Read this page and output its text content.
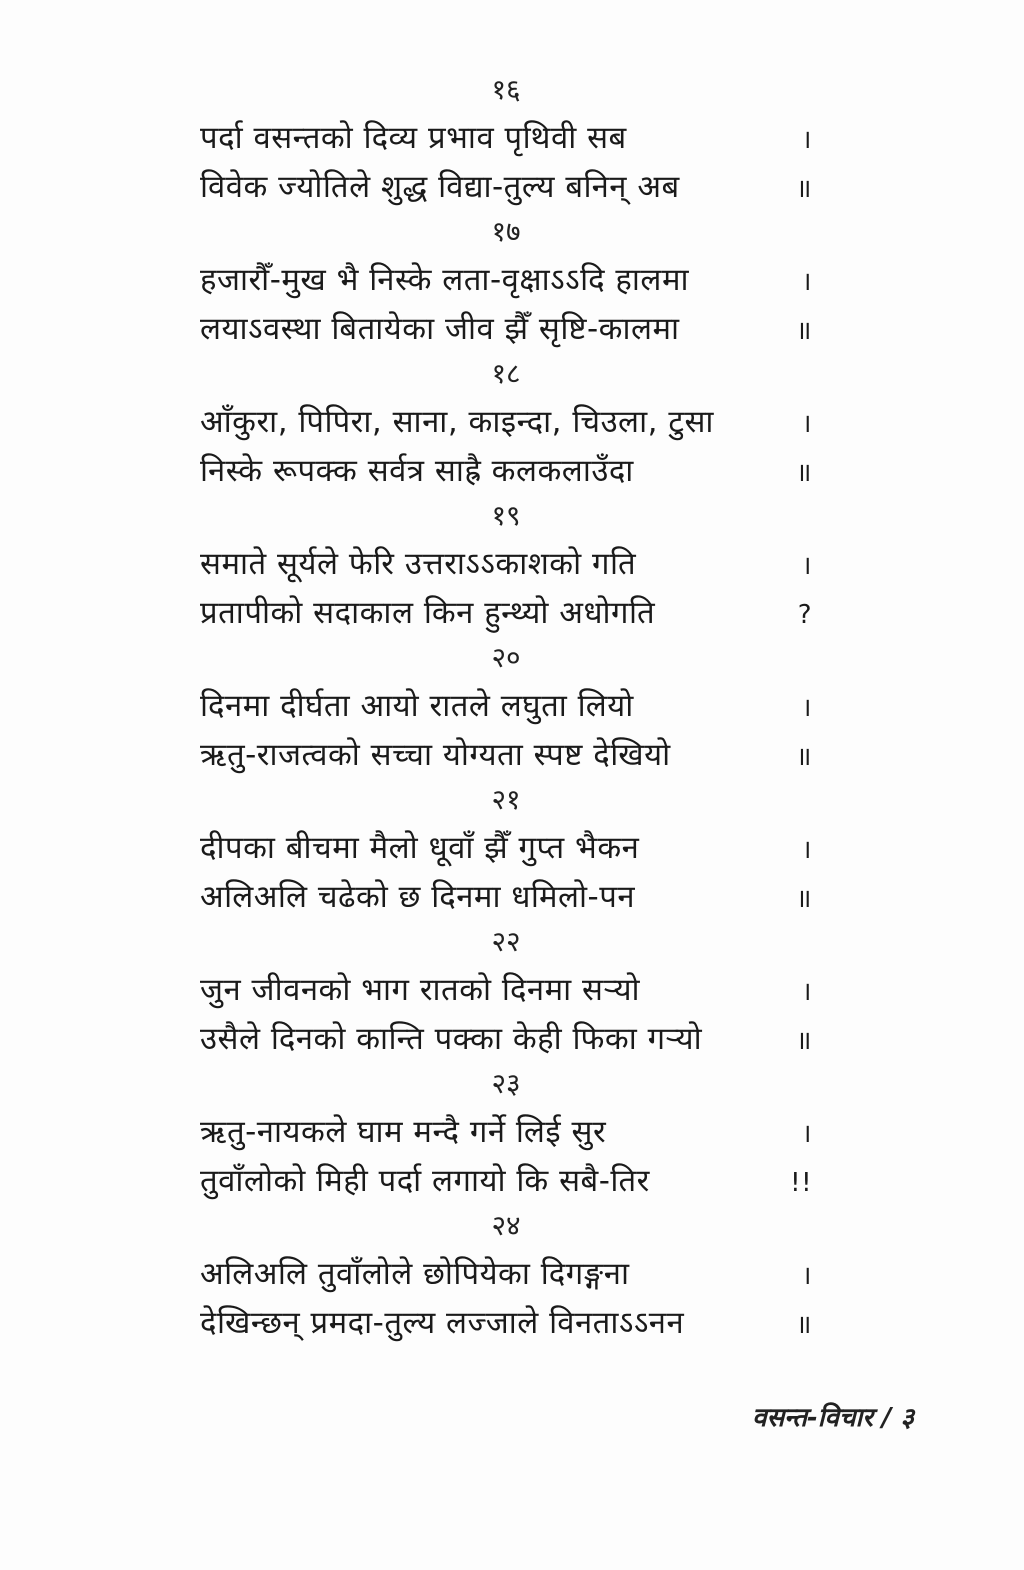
१६
पर्दा वसन्तको दिव्य प्रभाव पृथिवी सब	।
विवेक ज्योतिले शुद्ध विद्या-तुल्य बनिन् अब	॥
१७
हजारौँ-मुख भै निस्के लता-वृक्षाऽऽदि हालमा	।
लयाऽवस्था बितायेका जीव झैँ सृष्टि-कालमा	॥
१८
आँकुरा, पिपिरा, साना, काइन्दा, चिउला, टुसा	।
निस्के रूपक्क सर्वत्र साह्रै कलकलाउँदा	॥
१९
समाते सूर्यले फेरि उत्तराऽऽकाशको गति	।
प्रतापीको सदाकाल किन हुन्थ्यो अधोगति	?
२०
दिनमा दीर्घता आयो रातले लघुता लियो	।
ऋतु-राजत्वको सच्चा योग्यता स्पष्ट देखियो	॥
२१
दीपका बीचमा मैलो धूवाँ झैँ गुप्त भैकन	।
अलिअलि चढेको छ दिनमा धमिलो-पन	॥
२२
जुन जीवनको भाग रातको दिनमा सऱ्यो	।
उसैले दिनको कान्ति पक्का केही फिका गऱ्यो	॥
२३
ऋतु-नायकले घाम मन्दै गर्ने लिई सुर	।
तुवाँलोको मिही पर्दा लगायो कि सबै-तिर	!!
२४
अलिअलि तुवाँलोले छोपियेका दिगङ्गना	।
देखिन्छन् प्रमदा-तुल्य लज्जाले विनताऽऽनन	॥
वसन्त-विचार / ३
